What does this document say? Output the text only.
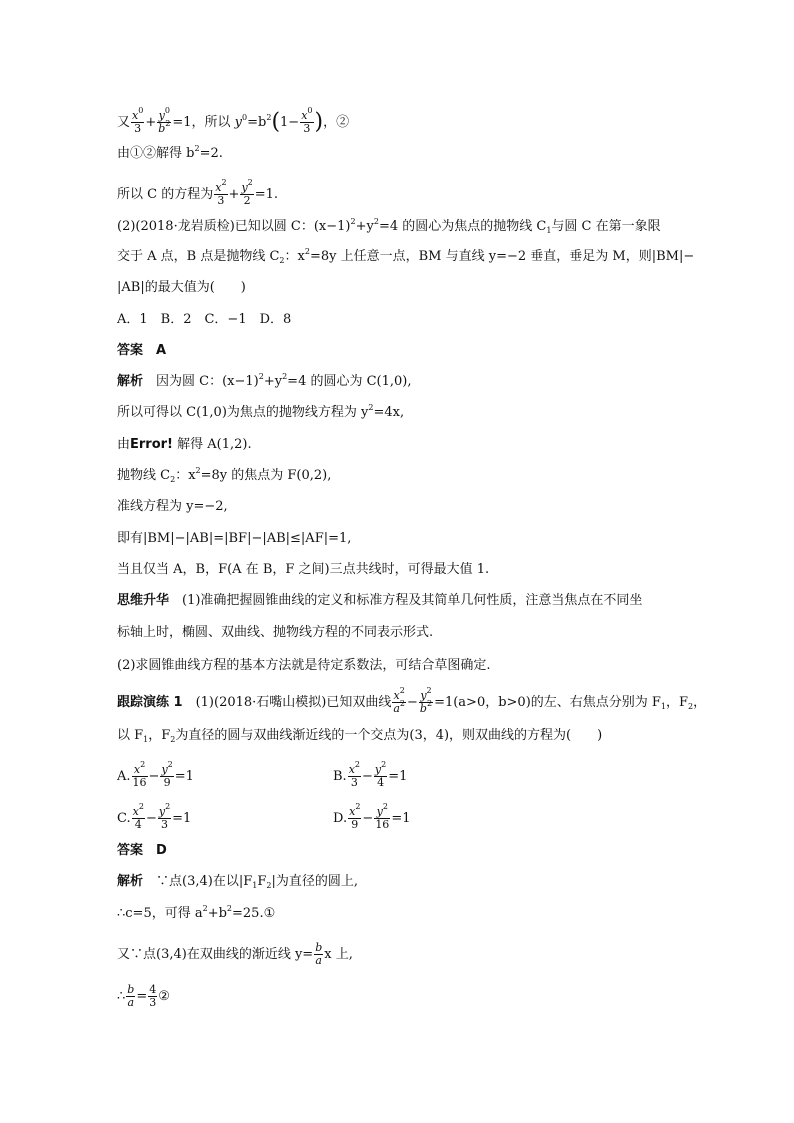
又 $\frac{x^0}{3} + \frac{y^0}{b^2} =1$，所以 $y^0=b^2(1- \frac{x^0}{3}$ )，②
由①②解得 $b^2=2$.
所以 C 的方程为 $\frac{x^2}{3} + \frac{y^2}{2} =1$.
(2)(2018·龙岩质检)已知以圆 C：$(x-1)^2+y^2=4$ 的圆心为焦点的抛物线 $C_1$与圆 C 在第一象限
交于 A 点，B 点是抛物线 $C_2$：$x^2=8y$ 上任意一点，BM 与直线 y=−2 垂直，垂足为 M，则|BM|−
|AB|的最大值为(　　)
A．1　B．2　C．−1　D．8
答案　A
解析　因为圆 C：$(x-1)^2+y^2=4$ 的圆心为 C(1,0),
所以可得以 C(1,0)为焦点的抛物线方程为 $y^2=4x$,
由Error! 解得 A(1,2).
抛物线 $C_2$：$x^2=8y$ 的焦点为 F(0,2),
准线方程为 y=−2,
即有|BM|−|AB|=|BF|−|AB|≤|AF|=1,
当且仅当 A，B，F(A 在 B，F 之间)三点共线时，可得最大值 1.
思维升华　(1)准确把握圆锥曲线的定义和标准方程及其简单几何性质，注意当焦点在不同坐
标轴上时，椭圆、双曲线、抛物线方程的不同表示形式.
(2)求圆锥曲线方程的基本方法就是待定系数法，可结合草图确定.
跟踪演练 1　(1)(2018·石嘴山模拟)已知双曲线 $\frac{x^2}{a^2} - \frac{y^2}{b^2} =1(a>0$，b>0)的左、右焦点分别为 $F_1$，$F_2$，
以 $F_1$，$F_2$为直径的圆与双曲线渐近线的一个交点为(3，4)，则双曲线的方程为(　　)
A. $\frac{x^2}{16} - \frac{y^2}{9} =1$	B. $\frac{x^2}{3} - \frac{y^2}{4} =1$
C. $\frac{x^2}{4} - \frac{y^2}{3} =1$	D. $\frac{x^2}{9} - \frac{y^2}{16} =1$
答案　D
解析　∵点(3,4)在以$|F_1F_2|$为直径的圆上,
∴c=5，可得 $a^2+b^2=25.①$
又∵点(3,4)在双曲线的渐近线 $y= \frac{b}{a}$ x 上,
∴ $\frac{b}{a} = \frac{4}{3}$ ②
